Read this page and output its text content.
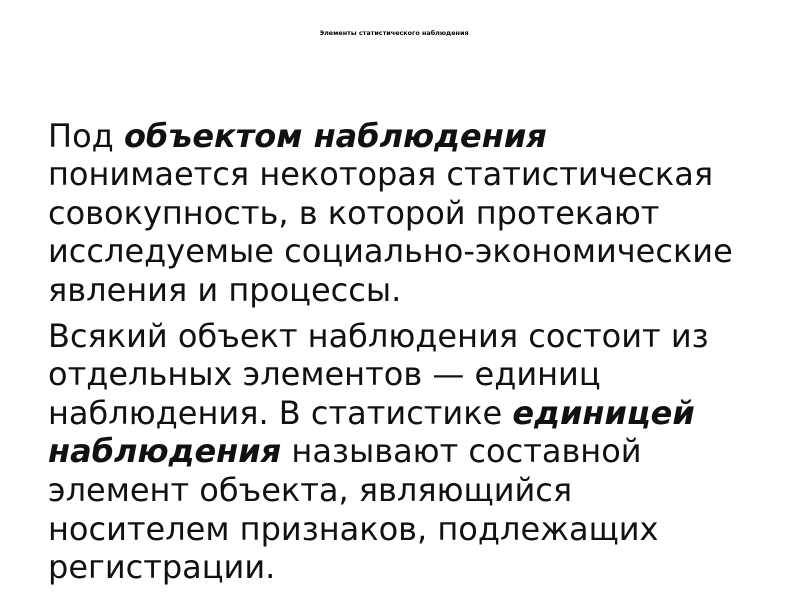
Элементы статистического наблюдения

Под объектом наблюдения
понимается некоторая статистическая
совокупность, в которой протекают
исследуемые социально-экономические
явления и процессы.

Всякий объект наблюдения состоит из
отдельных элементов — единиц
наблюдения. В статистике единицей
наблюдения называют составной
элемент объекта, являющийся
носителем признаков, подлежащих
регистрации.
